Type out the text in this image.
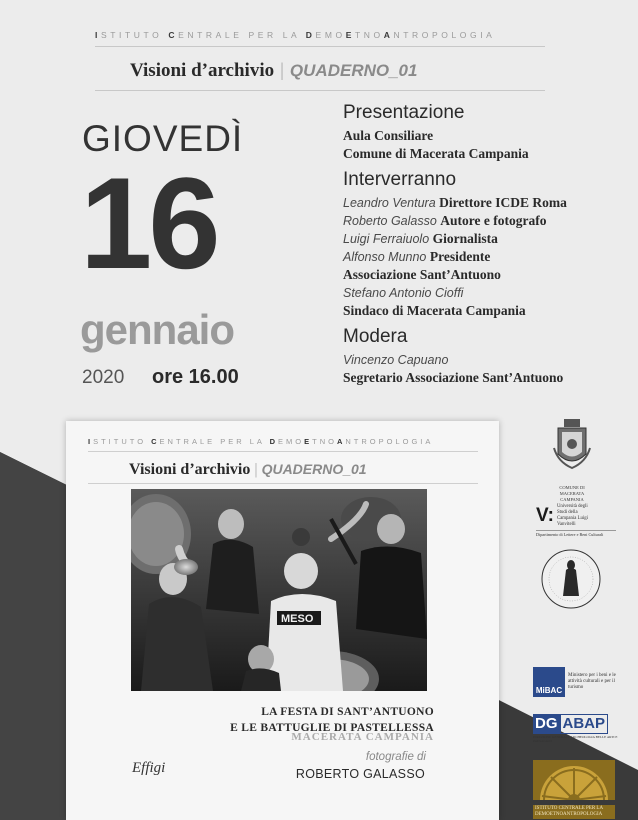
ISTITUTO CENTRALE PER LA DEMOETNOANTROPOLOGIA
Visioni d’archivio | QUADERNO_01
GIOVEDÌ
16
gennaio
2020 ore 16.00
Presentazione
Aula Consiliare
Comune di Macerata Campania
Interverranno
Leandro Ventura Direttore ICDE Roma
Roberto Galasso Autore e fotografo
Luigi Ferraiuolo Giornalista
Alfonso Munno Presidente
Associazione Sant’Antuono
Stefano Antonio Cioffi
Sindaco di Macerata Campania
Modera
Vincenzo Capuano
Segretario Associazione Sant’Antuono
ISTITUTO CENTRALE PER LA DEMOETNOANTROPOLOGIA
Visioni d’archivio | QUADERNO_01
MESO
LA FESTA DI SANT’ANTUONO
E LE BATTUGLIE DI PASTELLESSA
MACERATA CAMPANIA
fotografie di
ROBERTO GALASSO
Effigi
COMUNE DI MACERATA CAMPANIA
V: Università degli Studi della Campania Luigi Vanvitelli
Dipartimento di Lettere e Beni Culturali
MiBAC
Ministero per i beni e le attività culturali e per il turismo
DG ABAP
DIREZIONE GENERALE ARCHEOLOGIA BELLE ARTI E PAESAGGIO
ISTITUTO CENTRALE PER LA DEMOETNOANTROPOLOGIA
